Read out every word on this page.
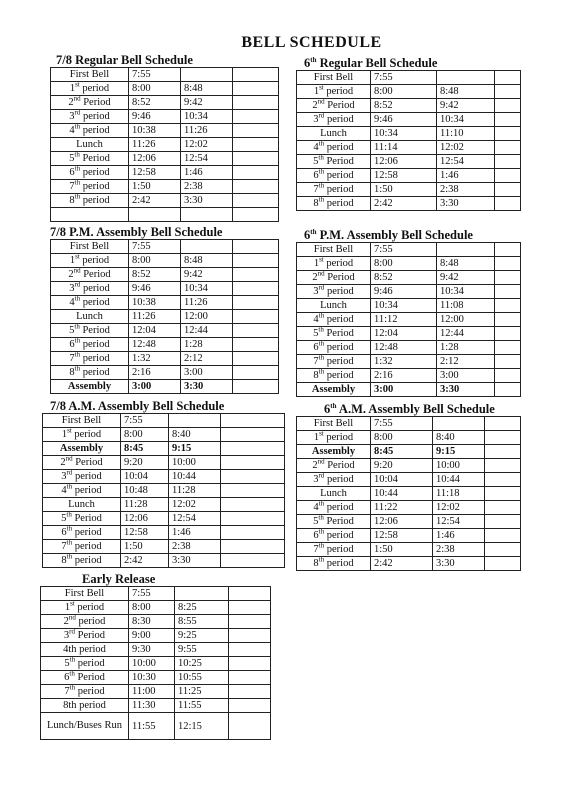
BELL SCHEDULE
7/8 Regular Bell Schedule
First Bell	7:55		
1st period	8:00	8:48	
2nd Period	8:52	9:42	
3rd period	9:46	10:34	
4th period	10:38	11:26	
Lunch	11:26	12:02	
5th Period	12:06	12:54	
6th period	12:58	1:46	
7th period	1:50	2:38	
8th period	2:42	3:30	

6th Regular Bell Schedule
First Bell	7:55		
1st period	8:00	8:48	
2nd Period	8:52	9:42	
3rd period	9:46	10:34	
Lunch	10:34	11:10	
4th period	11:14	12:02	
5th Period	12:06	12:54	
6th period	12:58	1:46	
7th period	1:50	2:38	
8th period	2:42	3:30	
7/8 P.M. Assembly Bell Schedule
First Bell	7:55		
1st period	8:00	8:48	
2nd Period	8:52	9:42	
3rd period	9:46	10:34	
4th period	10:38	11:26	
Lunch	11:26	12:00	
5th Period	12:04	12:44	
6th period	12:48	1:28	
7th period	1:32	2:12	
8th period	2:16	3:00	
Assembly	3:00	3:30	
6th P.M. Assembly Bell Schedule
First Bell	7:55		
1st period	8:00	8:48	
2nd Period	8:52	9:42	
3rd period	9:46	10:34	
Lunch	10:34	11:08	
4th period	11:12	12:00	
5th Period	12:04	12:44	
6th period	12:48	1:28	
7th period	1:32	2:12	
8th period	2:16	3:00	
Assembly	3:00	3:30	
7/8 A.M. Assembly Bell Schedule
First Bell	7:55		
1st period	8:00	8:40	
Assembly	8:45	9:15	
2nd Period	9:20	10:00	
3rd period	10:04	10:44	
4th period	10:48	11:28	
Lunch	11:28	12:02	
5th Period	12:06	12:54	
6th period	12:58	1:46	
7th period	1:50	2:38	
8th period	2:42	3:30	
6th A.M. Assembly Bell Schedule
First Bell	7:55		
1st period	8:00	8:40	
Assembly	8:45	9:15	
2nd Period	9:20	10:00	
3rd period	10:04	10:44	
Lunch	10:44	11:18	
4th period	11:22	12:02	
5th Period	12:06	12:54	
6th period	12:58	1:46	
7th period	1:50	2:38	
8th period	2:42	3:30	
Early Release
First Bell	7:55		
1st period	8:00	8:25	
2nd period	8:30	8:55	
3rd Period	9:00	9:25	
4th period	9:30	9:55	
5th period	10:00	10:25	
6th Period	10:30	10:55	
7th period	11:00	11:25	
8th period	11:30	11:55	
Lunch/Buses Run	11:55	12:15	
